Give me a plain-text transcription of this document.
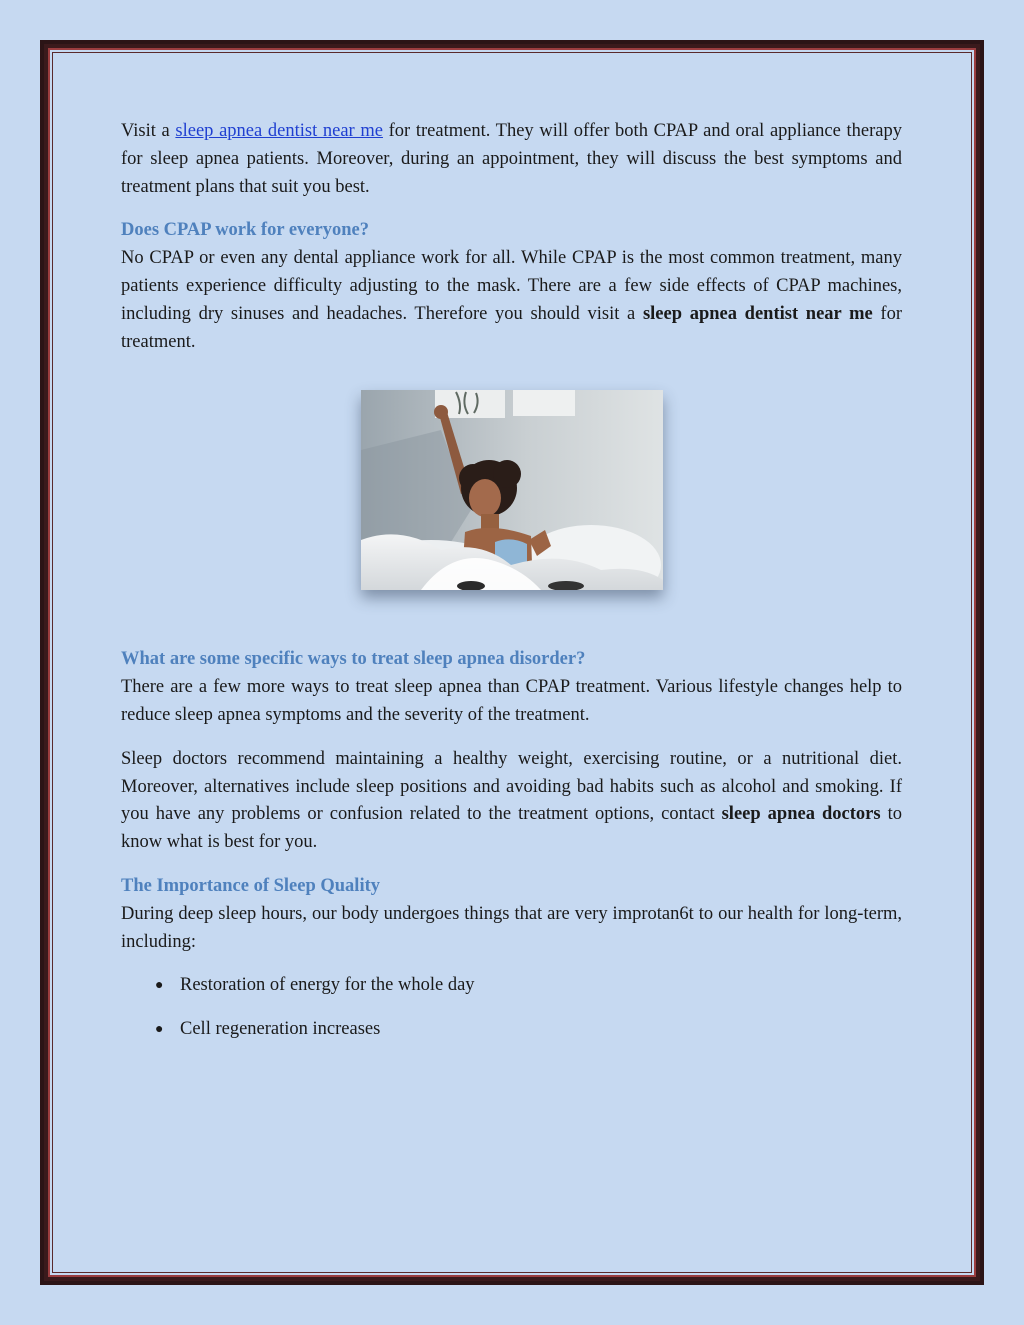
Visit a sleep apnea dentist near me for treatment. They will offer both CPAP and oral appliance therapy for sleep apnea patients. Moreover, during an appointment, they will discuss the best symptoms and treatment plans that suit you best.

Does CPAP work for everyone?

No CPAP or even any dental appliance work for all. While CPAP is the most common treatment, many patients experience difficulty adjusting to the mask. There are a few side effects of CPAP machines, including dry sinuses and headaches. Therefore you should visit a sleep apnea dentist near me for treatment.

What are some specific ways to treat sleep apnea disorder?

There are a few more ways to treat sleep apnea than CPAP treatment. Various lifestyle changes help to reduce sleep apnea symptoms and the severity of the treatment.

Sleep doctors recommend maintaining a healthy weight, exercising routine, or a nutritional diet. Moreover, alternatives include sleep positions and avoiding bad habits such as alcohol and smoking. If you have any problems or confusion related to the treatment options, contact sleep apnea doctors to know what is best for you.

The Importance of Sleep Quality

During deep sleep hours, our body undergoes things that are very improtan6t to our health for long-term, including:

● Restoration of energy for the whole day
● Cell regeneration increases
